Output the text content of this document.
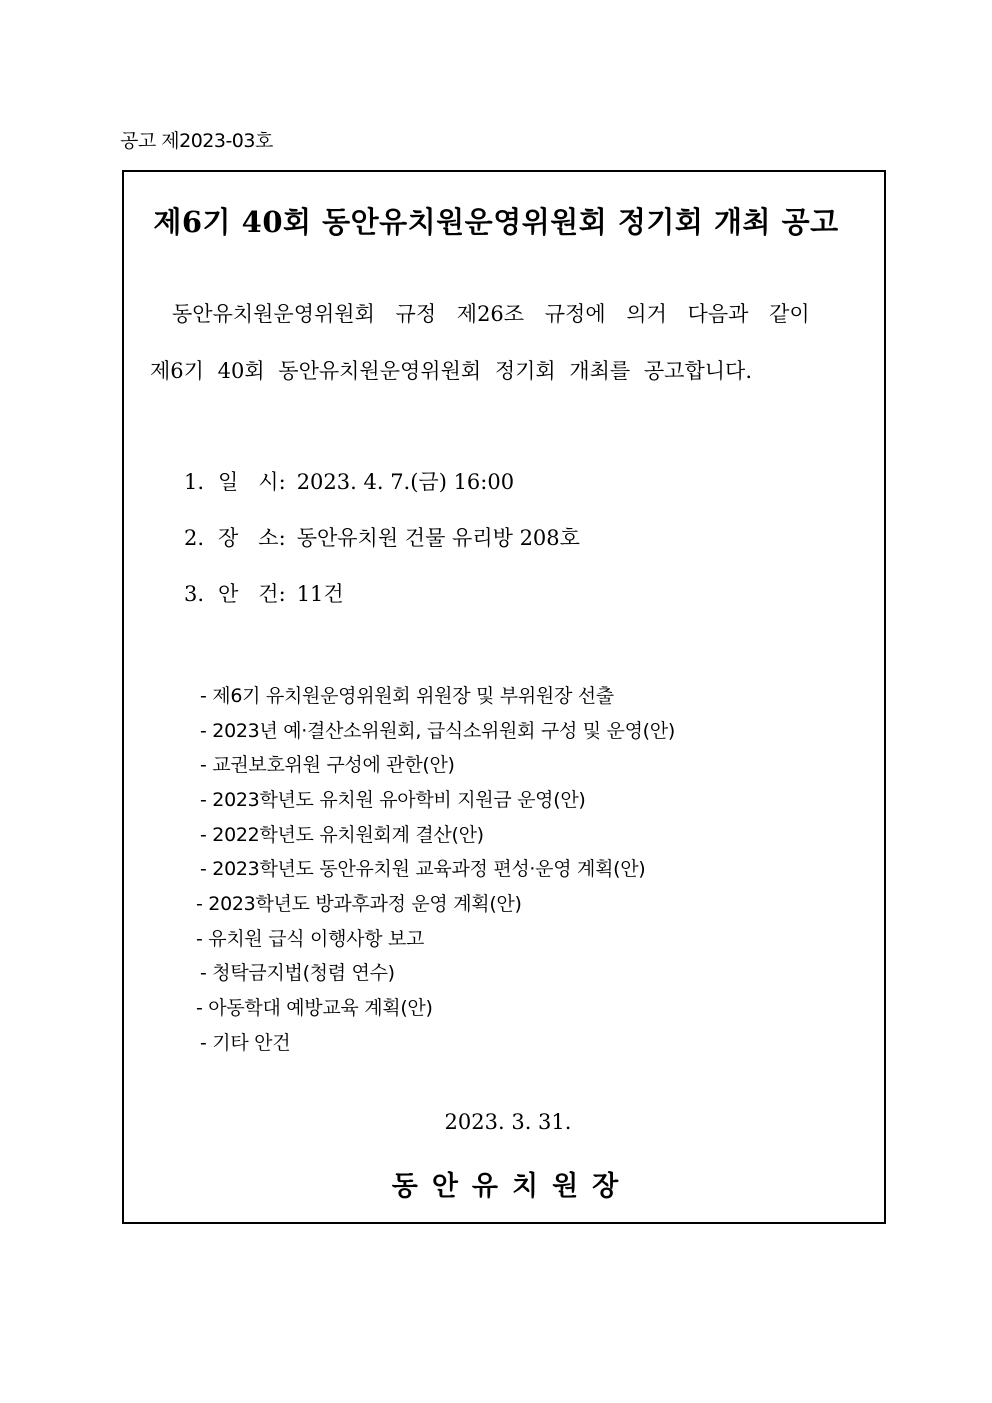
공고 제2023-03호
제6기 40회 동안유치원운영위원회 정기회 개최 공고
동안유치원운영위원회 규정 제26조 규정에 의거 다음과 같이
제6기 40회 동안유치원운영위원회 정기회 개최를 공고합니다.
1. 일   시: 2023. 4. 7.(금) 16:00
2. 장   소: 동안유치원 건물 유리방 208호
3. 안   건: 11건
- 제6기 유치원운영위원회 위원장 및 부위원장 선출
- 2023년 예·결산소위원회, 급식소위원회 구성 및 운영(안)
- 교권보호위원 구성에 관한(안)
- 2023학년도 유치원 유아학비 지원금 운영(안)
- 2022학년도 유치원회계 결산(안)
- 2023학년도 동안유치원 교육과정 편성·운영 계획(안)
- 2023학년도 방과후과정 운영 계획(안)
- 유치원 급식 이행사항 보고
- 청탁금지법(청렴 연수)
- 아동학대 예방교육 계획(안)
- 기타 안건
2023. 3. 31.
동안유치원장
